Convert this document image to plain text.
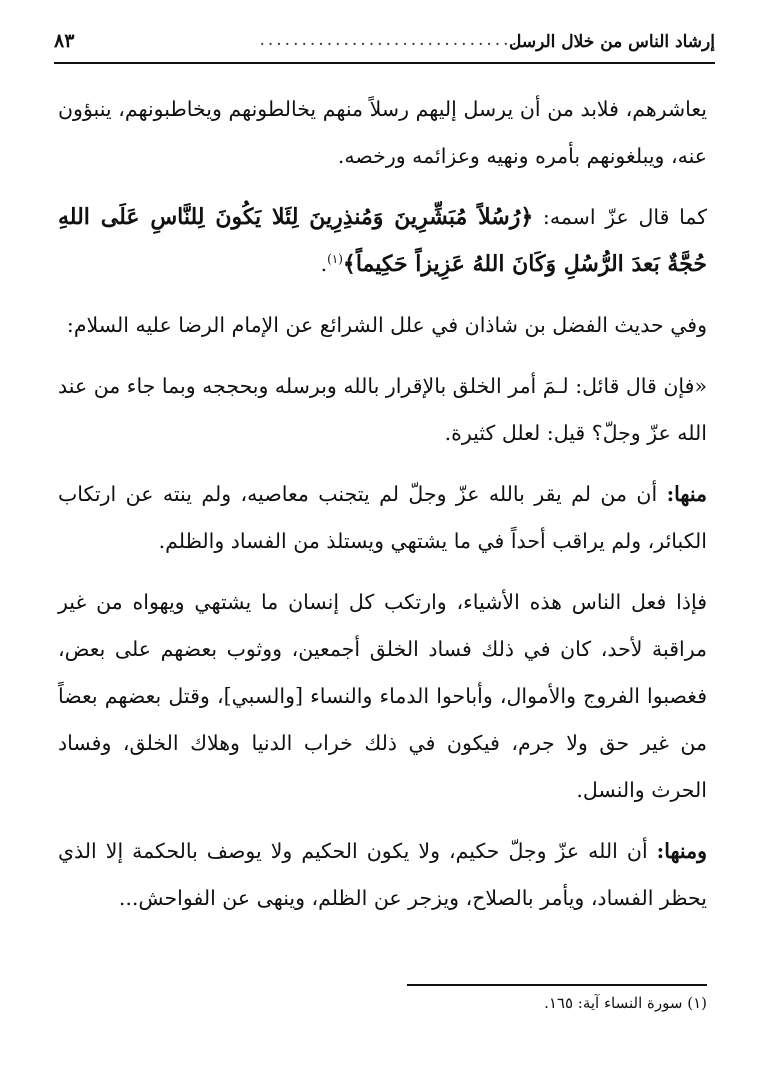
إرشاد الناس من خلال الرسل
...............................
٨٣

يعاشرهم، فلابد من أن يرسل إليهم رسلاً منهم يخالطونهم ويخاطبونهم، ينبؤون عنه، ويبلغونهم بأمره ونهيه وعزائمه ورخصه.

كما قال عزّ اسمه: ﴿رُسُلاً مُبَشِّرِينَ وَمُنذِرِينَ لِئَلا يَكُونَ لِلنَّاسِ عَلَى اللهِ حُجَّةٌ بَعدَ الرُّسُلِ وَكَانَ اللهُ عَزِيزاً حَكِيماً﴾$^{(١)}$.

وفي حديث الفضل بن شاذان في علل الشرائع عن الإمام الرضا عليه السلام:

«فإن قال قائل: لـمَ أمر الخلق بالإقرار بالله وبرسله وبحججه وبما جاء من عند الله عزّ وجلّ؟ قيل: لعلل كثيرة.

منها: أن من لم يقر بالله عزّ وجلّ لم يتجنب معاصيه، ولم ينته عن ارتكاب الكبائر، ولم يراقب أحداً في ما يشتهي ويستلذ من الفساد والظلم.

فإذا فعل الناس هذه الأشياء، وارتكب كل إنسان ما يشتهي ويهواه من غير مراقبة لأحد، كان في ذلك فساد الخلق أجمعين، ووثوب بعضهم على بعض، فغصبوا الفروج والأموال، وأباحوا الدماء والنساء [والسبي]، وقتل بعضهم بعضاً من غير حق ولا جرم، فيكون في ذلك خراب الدنيا وهلاك الخلق، وفساد الحرث والنسل.

ومنها: أن الله عزّ وجلّ حكيم، ولا يكون الحكيم ولا يوصف بالحكمة إلا الذي يحظر الفساد، ويأمر بالصلاح، ويزجر عن الظلم، وينهى عن الفواحش...

(١) سورة النساء آية: ١٦٥.
